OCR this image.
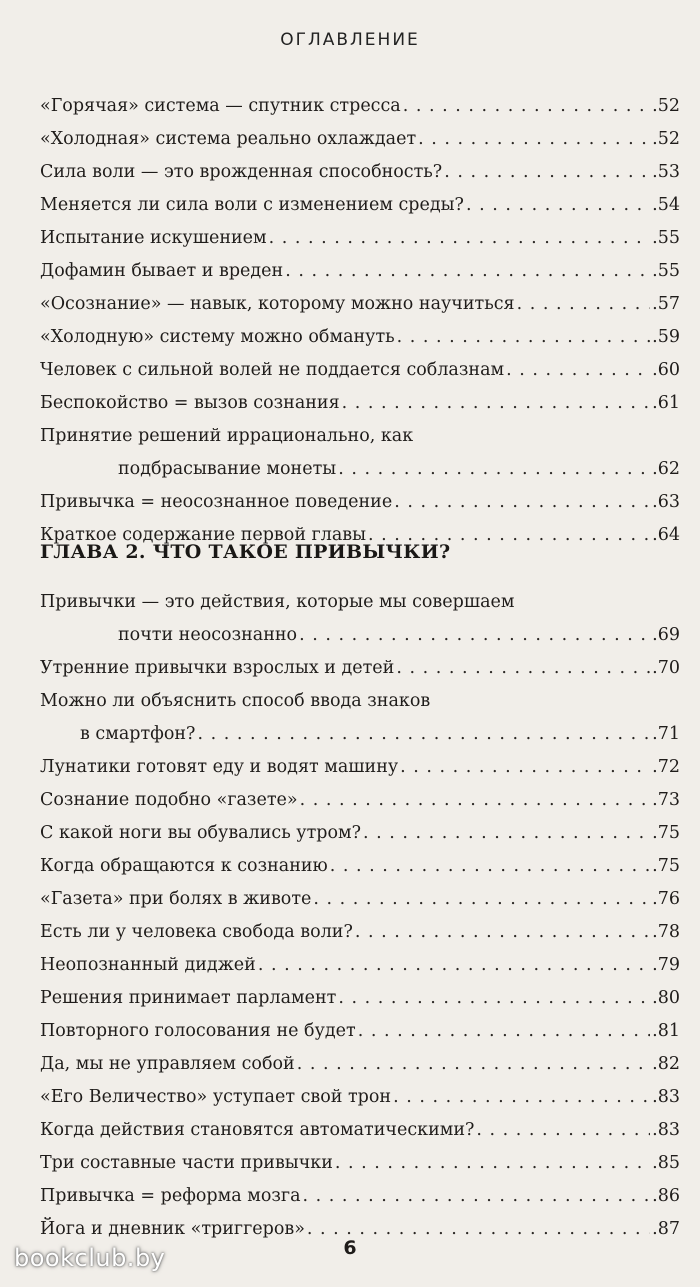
ОГЛАВЛЕНИЕ
«Горячая» система — спутник стресса . . .	.52
«Холодная» система реально охлаждает . . .	.52
Сила воли — это врожденная способность? . . .	.53
Меняется ли сила воли с изменением среды? . . .	.54
Испытание искушением . . .	.55
Дофамин бывает и вреден . . .	.55
«Осознание» — навык, которому можно научиться . . .	.57
«Холодную» систему можно обмануть . . .	.59
Человек с сильной волей не поддается соблазнам . . .	.60
Беспокойство = вызов сознания . . .	.61
Принятие решений иррационально, как
подбрасывание монеты . . .	.62
Привычка = неосознанное поведение . . .	.63
Краткое содержание первой главы . . .	.64
ГЛАВА 2. ЧТО ТАКОЕ ПРИВЫЧКИ?
Привычки — это действия, которые мы совершаем
почти неосознанно . . .	.69
Утренние привычки взрослых и детей . . .	.70
Можно ли объяснить способ ввода знаков
в смартфон? . . .	.71
Лунатики готовят еду и водят машину . . .	.72
Сознание подобно «газете» . . .	.73
С какой ноги вы обувались утром? . . .	.75
Когда обращаются к сознанию . . .	.75
«Газета» при болях в животе . . .	.76
Есть ли у человека свобода воли? . . .	.78
Неопознанный диджей . . .	.79
Решения принимает парламент . . .	.80
Повторного голосования не будет . . .	.81
Да, мы не управляем собой . . .	.82
«Его Величество» уступает свой трон . . .	.83
Когда действия становятся автоматическими? . . .	.83
Три составные части привычки . . .	.85
Привычка = реформа мозга . . .	.86
Йога и дневник «триггеров» . . .	.87
6
bookclub.by
